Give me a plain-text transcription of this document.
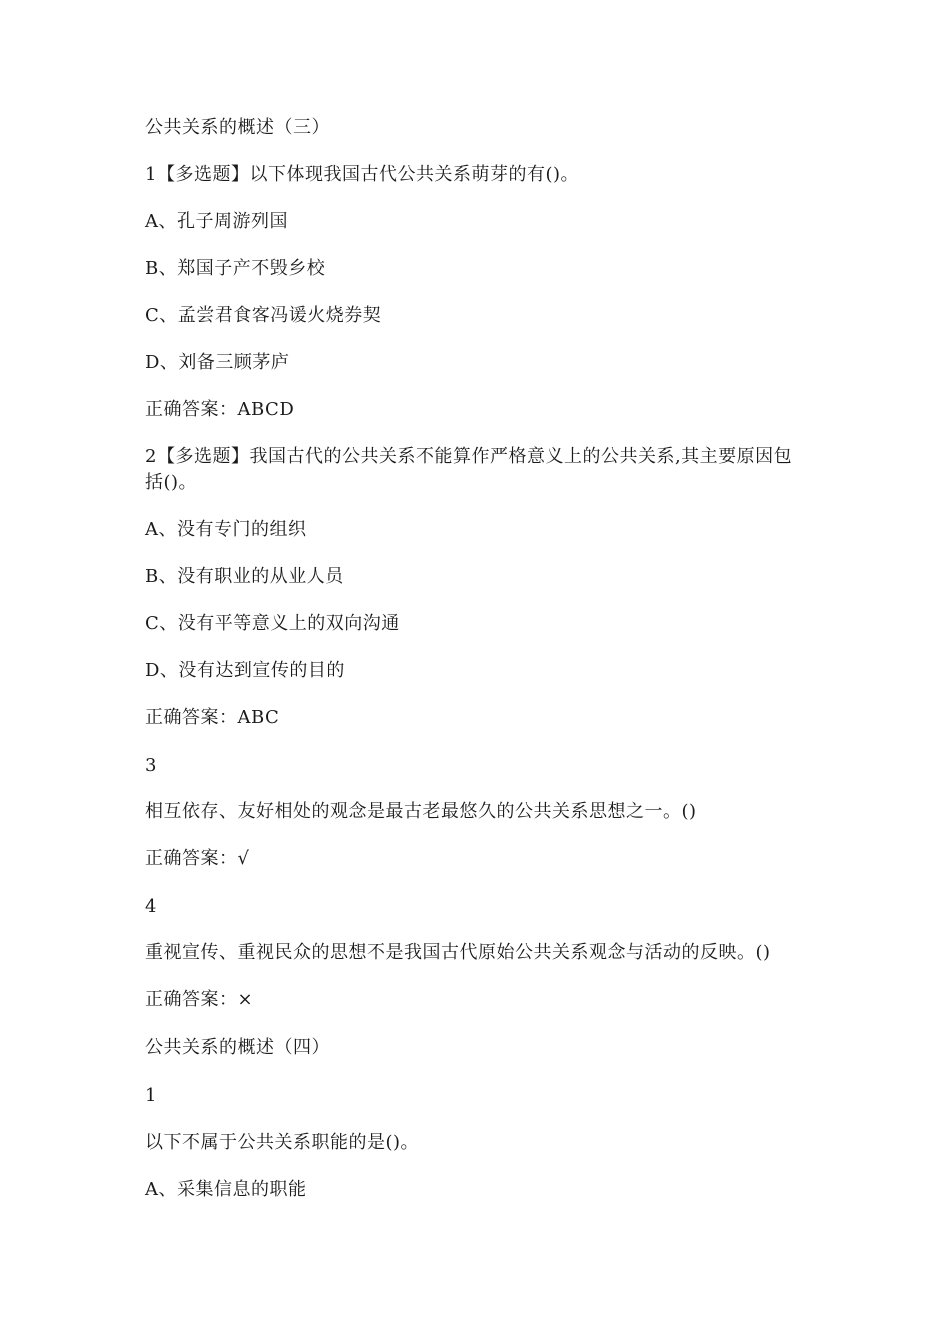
公共关系的概述（三）
1【多选题】以下体现我国古代公共关系萌芽的有()。
A、孔子周游列国
B、郑国子产不毁乡校
C、孟尝君食客冯谖火烧券契
D、刘备三顾茅庐
正确答案：ABCD
2【多选题】我国古代的公共关系不能算作严格意义上的公共关系,其主要原因包括()。
A、没有专门的组织
B、没有职业的从业人员
C、没有平等意义上的双向沟通
D、没有达到宣传的目的
正确答案：ABC
3
相互依存、友好相处的观念是最古老最悠久的公共关系思想之一。()
正确答案：√
4
重视宣传、重视民众的思想不是我国古代原始公共关系观念与活动的反映。()
正确答案：×
公共关系的概述（四）
1
以下不属于公共关系职能的是()。
A、采集信息的职能
